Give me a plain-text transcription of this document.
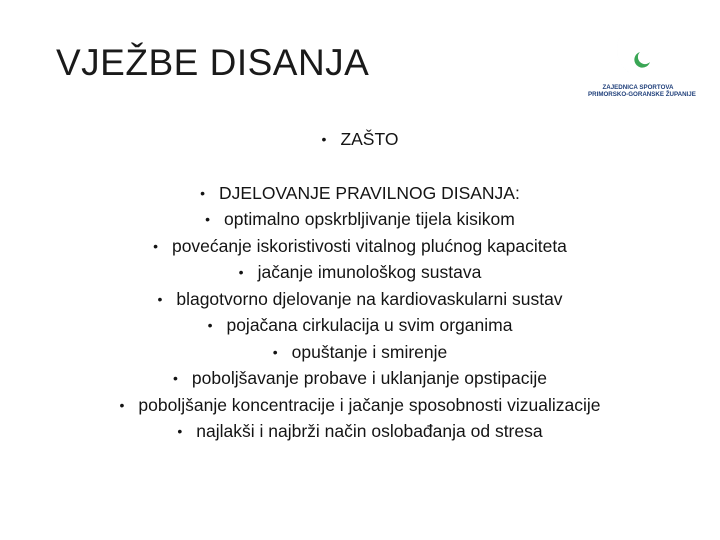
VJEŽBE DISANJA
ZAJEDNICA SPORTOVA
PRIMORSKO-GORANSKE ŽUPANIJE
• ZAŠTO
• DJELOVANJE PRAVILNOG DISANJA:
• optimalno opskrbljivanje tijela kisikom
• povećanje iskoristivosti vitalnog plućnog kapaciteta
• jačanje imunološkog sustava
• blagotvorno djelovanje na kardiovaskularni sustav
• pojačana cirkulacija u svim organima
• opuštanje i smirenje
• poboljšavanje probave i uklanjanje opstipacije
• poboljšanje koncentracije i jačanje sposobnosti vizualizacije
• najlakši i najbrži način oslobađanja od stresa
